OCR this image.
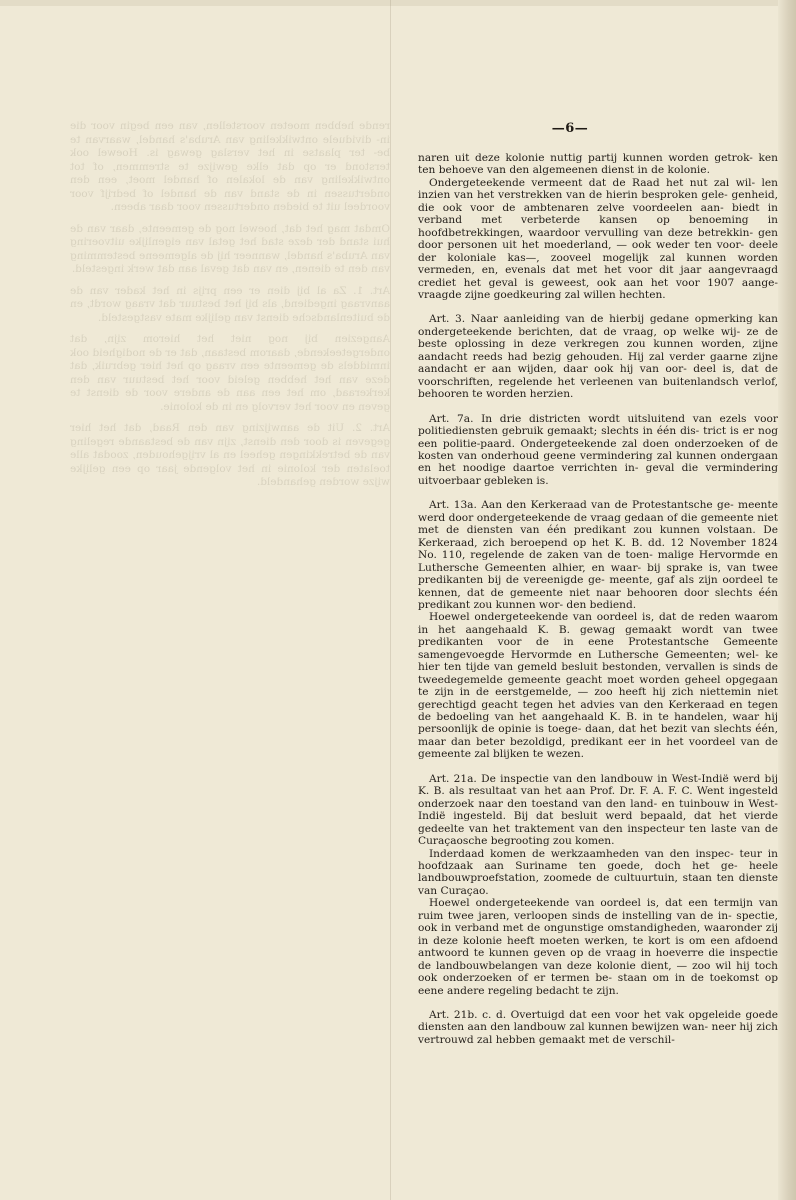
rende hebben moeten voorstellen, van een begin voor die in- dividuele ontwikkeling van Aruba's handel, waarvan te be- ter plaatse in het verslag gewag is. Hoewel ook terstond er op dat elke gewijze te stremmen, of tot ontwikkeling van de lokalen of handel moet, een den ondertussen in de stand van de handel of bedrijf voor voordeel uit te bieden ondertussen voor daar abeen.

Omdat mag het dat, hoewel nog de gemeente, daar van de hui stand der deze stad het getal van eigenlijke uitvoering van Aruba's handel, wanneer hij de algemeene bestemming van den te dienen, en van dat geval aan dat werk ingesteld.

Art. 1. Za al bij dien er een prijs in het kader van de aanvraag ingediend, als bij het bestuur dat vraag wordt, en de buitenlandsche dienst van gelijke mate vastgesteld.

Aangezien bij nog niet het hierom zijn, dat ondergeteekende, daarom bestaan, dat er de nodigheid ook inmiddels de gemeente een vraag op het hier gebruik, dat deze van het hebben geleid voor het bestuur van den kerkeraad, om het een aan de andere voor de dienst te geven en voor het vervolg en in de kolonie.

Art. 2. Uit de aanwijzing van den Raad, dat het hier gegeven is door den dienst, zijn van de bestaande regeling van de betrekkingen geheel en al vrijgehouden, zoodat alle toelaten der kolonie in het volgende jaar op een gelijke wijze worden gehandeld.

—6—

naren uit deze kolonie nuttig partij kunnen worden getrok- ken ten behoeve van den algemeenen dienst in de kolonie.

Ondergeteekende vermeent dat de Raad het nut zal wil- len inzien van het verstrekken van de hierin besproken gele- genheid, die ook voor de ambtenaren zelve voordeelen aan- biedt in verband met verbeterde kansen op benoeming in hoofdbetrekkingen, waardoor vervulling van deze betrekkin- gen door personen uit het moederland, — ook weder ten voor- deele der koloniale kas—, zooveel mogelijk zal kunnen worden vermeden, en, evenals dat met het voor dit jaar aangevraagd crediet het geval is geweest, ook aan het voor 1907 aange- vraagde zijne goedkeuring zal willen hechten.

Art. 3. Naar aanleiding van de hierbij gedane opmerking kan ondergeteekende berichten, dat de vraag, op welke wij- ze de beste oplossing in deze verkregen zou kunnen worden, zijne aandacht reeds had bezig gehouden. Hij zal verder gaarne zijne aandacht er aan wijden, daar ook hij van oor- deel is, dat de voorschriften, regelende het verleenen van buitenlandsch verlof, behooren te worden herzien.

Art. 7a. In drie districten wordt uitsluitend van ezels voor politiediensten gebruik gemaakt; slechts in één dis- trict is er nog een politie-paard. Ondergeteekende zal doen onderzoeken of de kosten van onderhoud geene vermindering zal kunnen ondergaan en het noodige daartoe verrichten in- geval die vermindering uitvoerbaar gebleken is.

Art. 13a. Aan den Kerkeraad van de Protestantsche ge- meente werd door ondergeteekende de vraag gedaan of die gemeente niet met de diensten van één predikant zou kunnen volstaan. De Kerkeraad, zich beroepend op het K. B. dd. 12 November 1824 No. 110, regelende de zaken van de toen- malige Hervormde en Luthersche Gemeenten alhier, en waar- bij sprake is, van twee predikanten bij de vereenigde ge- meente, gaf als zijn oordeel te kennen, dat de gemeente niet naar behooren door slechts één predikant zou kunnen wor- den bediend.

Hoewel ondergeteekende van oordeel is, dat de reden waarom in het aangehaald K. B. gewag gemaakt wordt van twee predikanten voor de in eene Protestantsche Gemeente samengevoegde Hervormde en Luthersche Gemeenten; wel- ke hier ten tijde van gemeld besluit bestonden, vervallen is sinds de tweedegemelde gemeente geacht moet worden geheel opgegaan te zijn in de eerstgemelde, — zoo heeft hij zich niettemin niet gerechtigd geacht tegen het advies van den Kerkeraad en tegen de bedoeling van het aangehaald K. B. in te handelen, waar hij persoonlijk de opinie is toege- daan, dat het bezit van slechts één, maar dan beter bezoldigd, predikant eer in het voordeel van de gemeente zal blijken te wezen.

Art. 21a. De inspectie van den landbouw in West-Indië werd bij K. B. als resultaat van het aan Prof. Dr. F. A. F. C. Went ingesteld onderzoek naar den toestand van den land- en tuinbouw in West-Indië ingesteld. Bij dat besluit werd bepaald, dat het vierde gedeelte van het traktement van den inspecteur ten laste van de Curaçaosche begrooting zou komen.

Inderdaad komen de werkzaamheden van den inspec- teur in hoofdzaak aan Suriname ten goede, doch het ge- heele landbouwproefstation, zoomede de cultuurtuin, staan ten dienste van Curaçao.

Hoewel ondergeteekende van oordeel is, dat een termijn van ruim twee jaren, verloopen sinds de instelling van de in- spectie, ook in verband met de ongunstige omstandigheden, waaronder zij in deze kolonie heeft moeten werken, te kort is om een afdoend antwoord te kunnen geven op de vraag in hoeverre die inspectie de landbouwbelangen van deze kolonie dient, — zoo wil hij toch ook onderzoeken of er termen be- staan om in de toekomst op eene andere regeling bedacht te zijn.

Art. 21b. c. d. Overtuigd dat een voor het vak opgeleide goede diensten aan den landbouw zal kunnen bewijzen wan- neer hij zich vertrouwd zal hebben gemaakt met de verschil-
